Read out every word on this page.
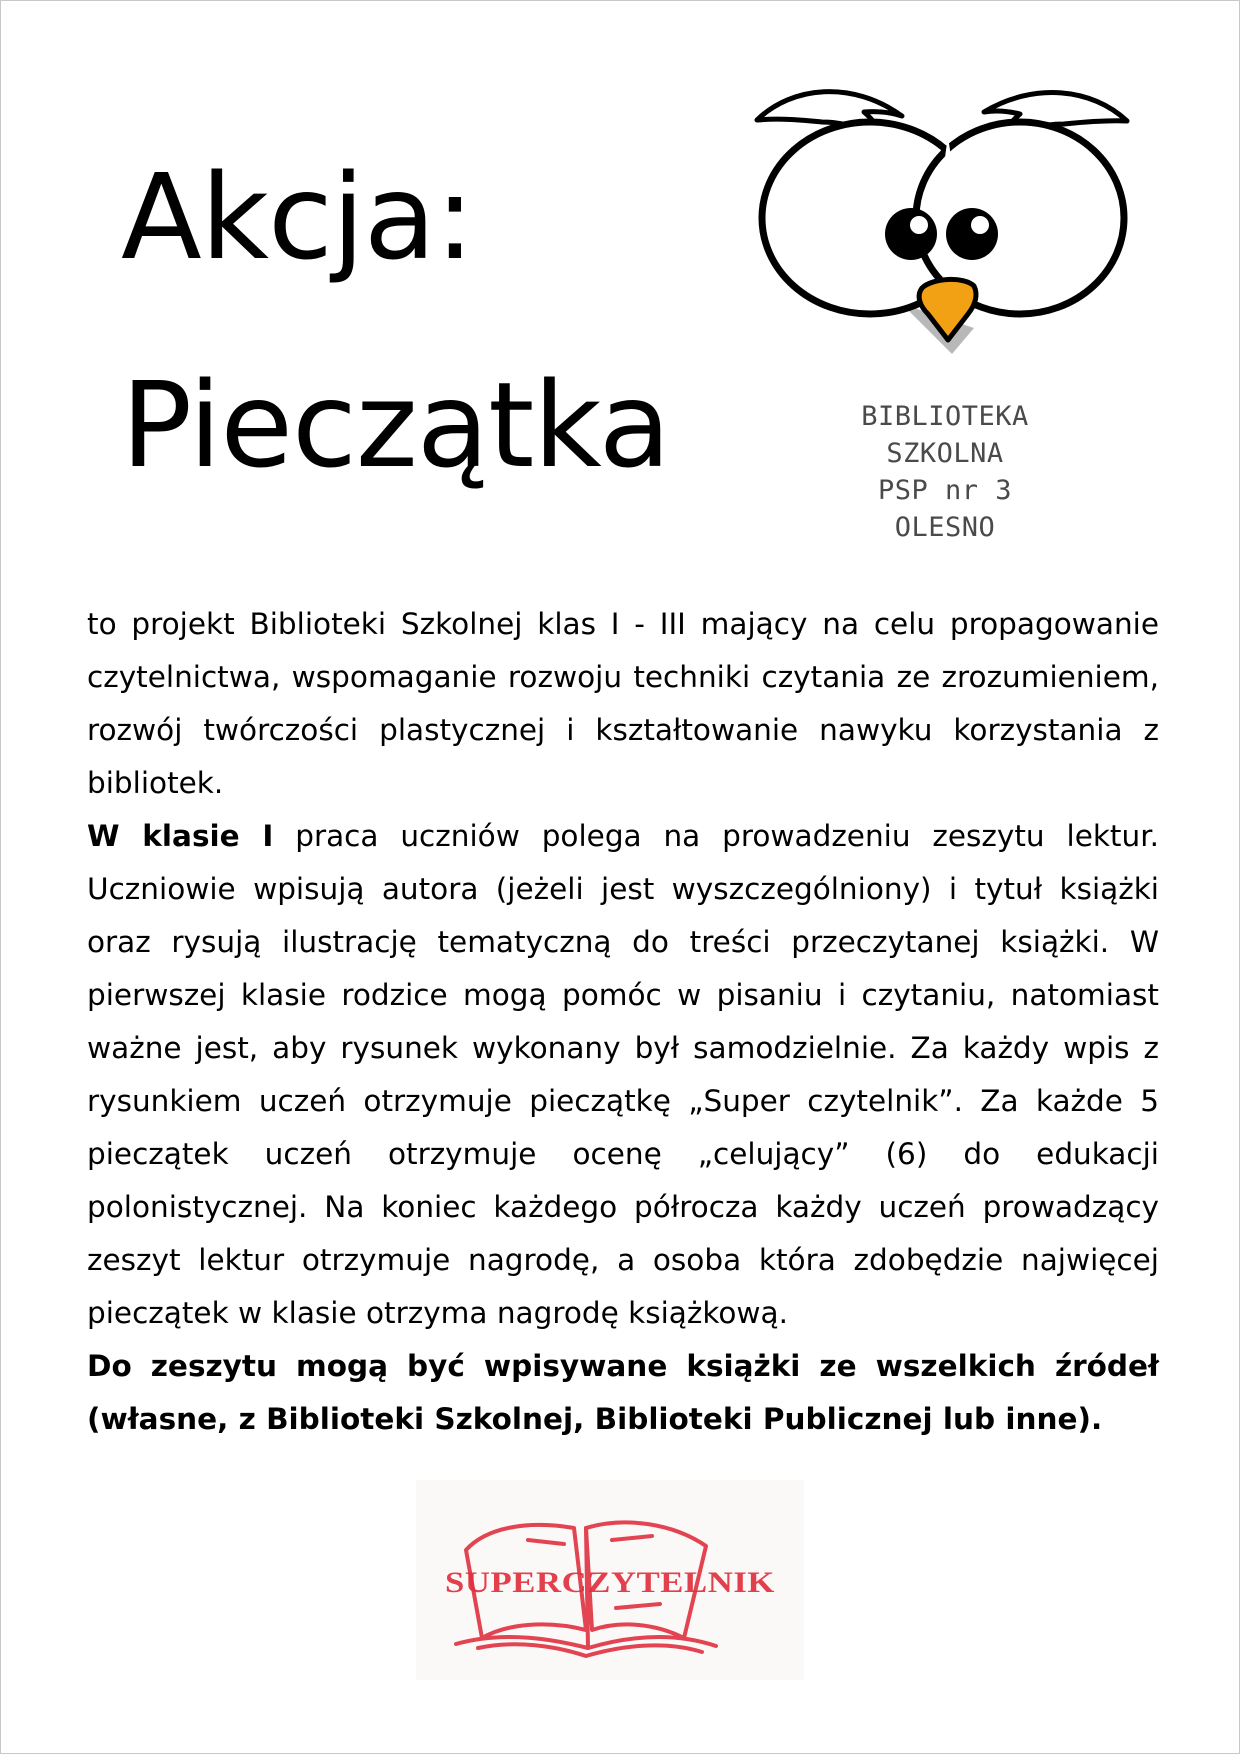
Akcja:
Pieczątka	BIBLIOTEKA
SZKOLNA
PSP nr 3
OLESNO

to projekt Biblioteki Szkolnej klas I - III mający na celu propagowanie czytelnictwa, wspomaganie rozwoju techniki czytania ze zrozumieniem, rozwój twórczości plastycznej i kształtowanie nawyku korzystania z bibliotek.

W klasie I praca uczniów polega na prowadzeniu zeszytu lektur. Uczniowie wpisują autora (jeżeli jest wyszczególniony) i tytuł książki oraz rysują ilustrację tematyczną do treści przeczytanej książki. W pierwszej klasie rodzice mogą pomóc w pisaniu i czytaniu, natomiast ważne jest, aby rysunek wykonany był samodzielnie. Za każdy wpis z rysunkiem uczeń otrzymuje pieczątkę „Super czytelnik”. Za każde 5 pieczątek uczeń otrzymuje ocenę „celujący” (6) do edukacji polonistycznej. Na koniec każdego półrocza każdy uczeń prowadzący zeszyt lektur otrzymuje nagrodę, a osoba która zdobędzie najwięcej pieczątek w klasie otrzyma nagrodę książkową.

Do zeszytu mogą być wpisywane książki ze wszelkich źródeł (własne, z Biblioteki Szkolnej, Biblioteki Publicznej lub inne).

SUPERCZYTELNIK
